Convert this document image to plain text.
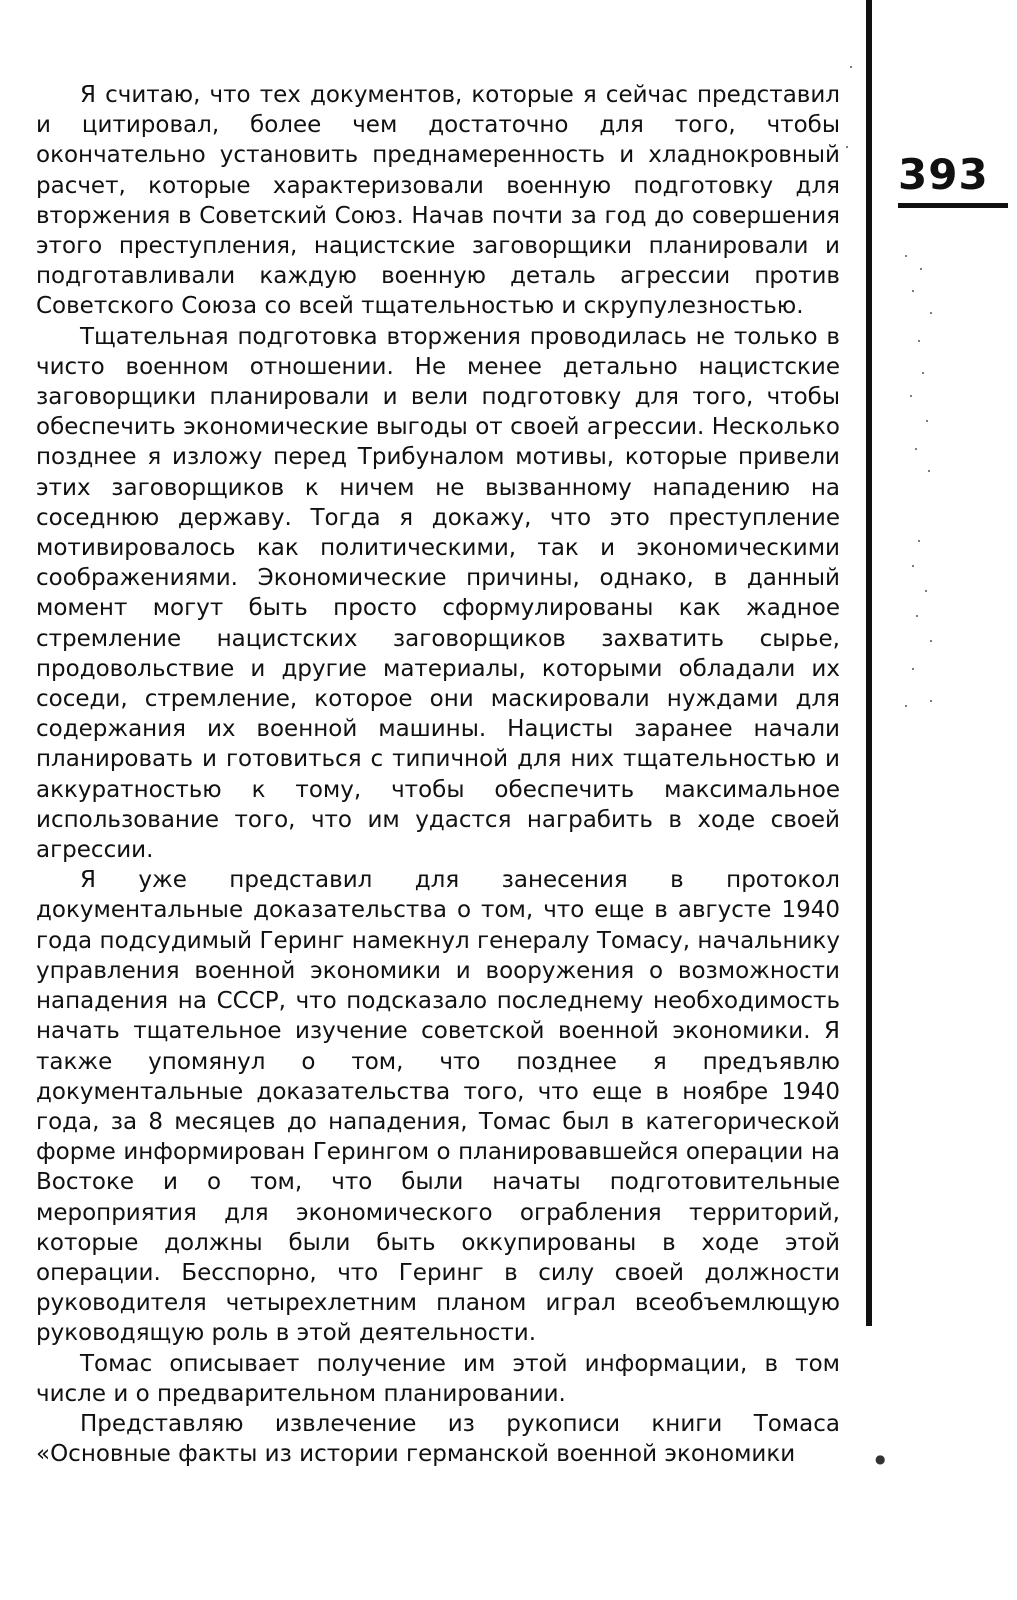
393

Я считаю, что тех документов, которые я сейчас представил и цитировал, более чем достаточно для того, чтобы окончательно установить преднамеренность и хладнокровный расчет, которые характеризовали военную подготовку для вторжения в Советский Союз. Начав почти за год до совершения этого преступления, нацистские заговорщики планировали и подготавливали каждую военную деталь агрессии против Советского Союза со всей тщательностью и скрупулезностью.

Тщательная подготовка вторжения проводилась не только в чисто военном отношении. Не менее детально нацистские заговорщики планировали и вели подготовку для того, чтобы обеспечить экономические выгоды от своей агрессии. Несколько позднее я изложу перед Трибуналом мотивы, которые привели этих заговорщиков к ничем не вызванному нападению на соседнюю державу. Тогда я докажу, что это преступление мотивировалось как политическими, так и экономическими соображениями. Экономические причины, однако, в данный момент могут быть просто сформулированы как жадное стремление нацистских заговорщиков захватить сырье, продовольствие и другие материалы, которыми обладали их соседи, стремление, которое они маскировали нуждами для содержания их военной машины. Нацисты заранее начали планировать и готовиться с типичной для них тщательностью и аккуратностью к тому, чтобы обеспечить максимальное использование того, что им удастся награбить в ходе своей агрессии.

Я уже представил для занесения в протокол документальные доказательства о том, что еще в августе 1940 года подсудимый Геринг намекнул генералу Томасу, начальнику управления военной экономики и вооружения о возможности нападения на СССР, что подсказало последнему необходимость начать тщательное изучение советской военной экономики. Я также упомянул о том, что позднее я предъявлю документальные доказательства того, что еще в ноябре 1940 года, за 8 месяцев до нападения, Томас был в категорической форме информирован Герингом о планировавшейся операции на Востоке и о том, что были начаты подготовительные мероприятия для экономического ограбления территорий, которые должны были быть оккупированы в ходе этой операции. Бесспорно, что Геринг в силу своей должности руководителя четырехлетним планом играл всеобъемлющую руководящую роль в этой деятельности.

Томас описывает получение им этой информации, в том числе и о предварительном планировании.

Представляю извлечение из рукописи книги Томаса «Основные факты из истории германской военной экономики	●
